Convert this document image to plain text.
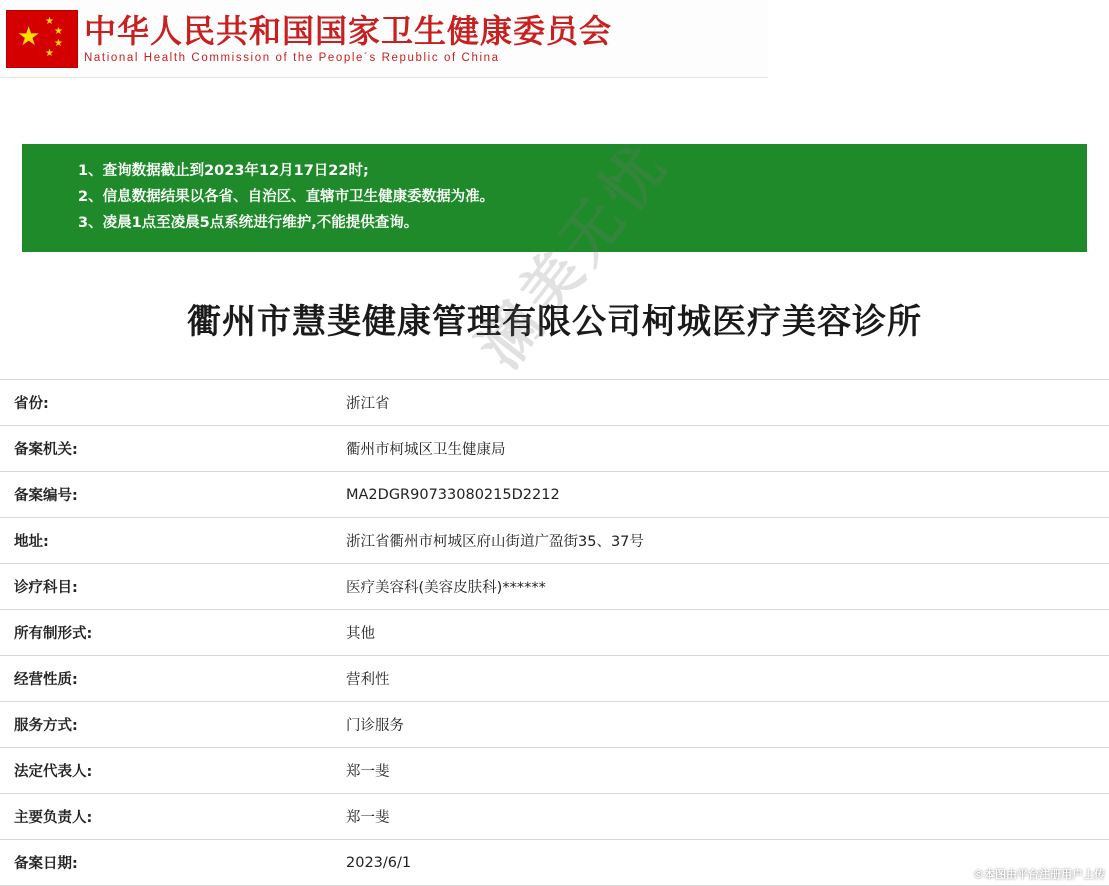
★ ★
★
★
★
中华人民共和国国家卫生健康委员会
National Health Commission of the People´s Republic of China
1、查询数据截止到2023年12月17日22时;
2、信息数据结果以各省、自治区、直辖市卫生健康委数据为准。
3、凌晨1点至凌晨5点系统进行维护,不能提供查询。
衢州市慧斐健康管理有限公司柯城医疗美容诊所
省份:	浙江省
备案机关:	衢州市柯城区卫生健康局
备案编号:	MA2DGR90733080215D2212
地址:	浙江省衢州市柯城区府山街道广盈街35、37号
诊疗科目:	医疗美容科(美容皮肤科)******
所有制形式:	其他
经营性质:	营利性
服务方式:	门诊服务
法定代表人:	郑一斐
主要负责人:	郑一斐
备案日期:	2023/6/1
澜美无忧
©本图由平台注册用户上传
